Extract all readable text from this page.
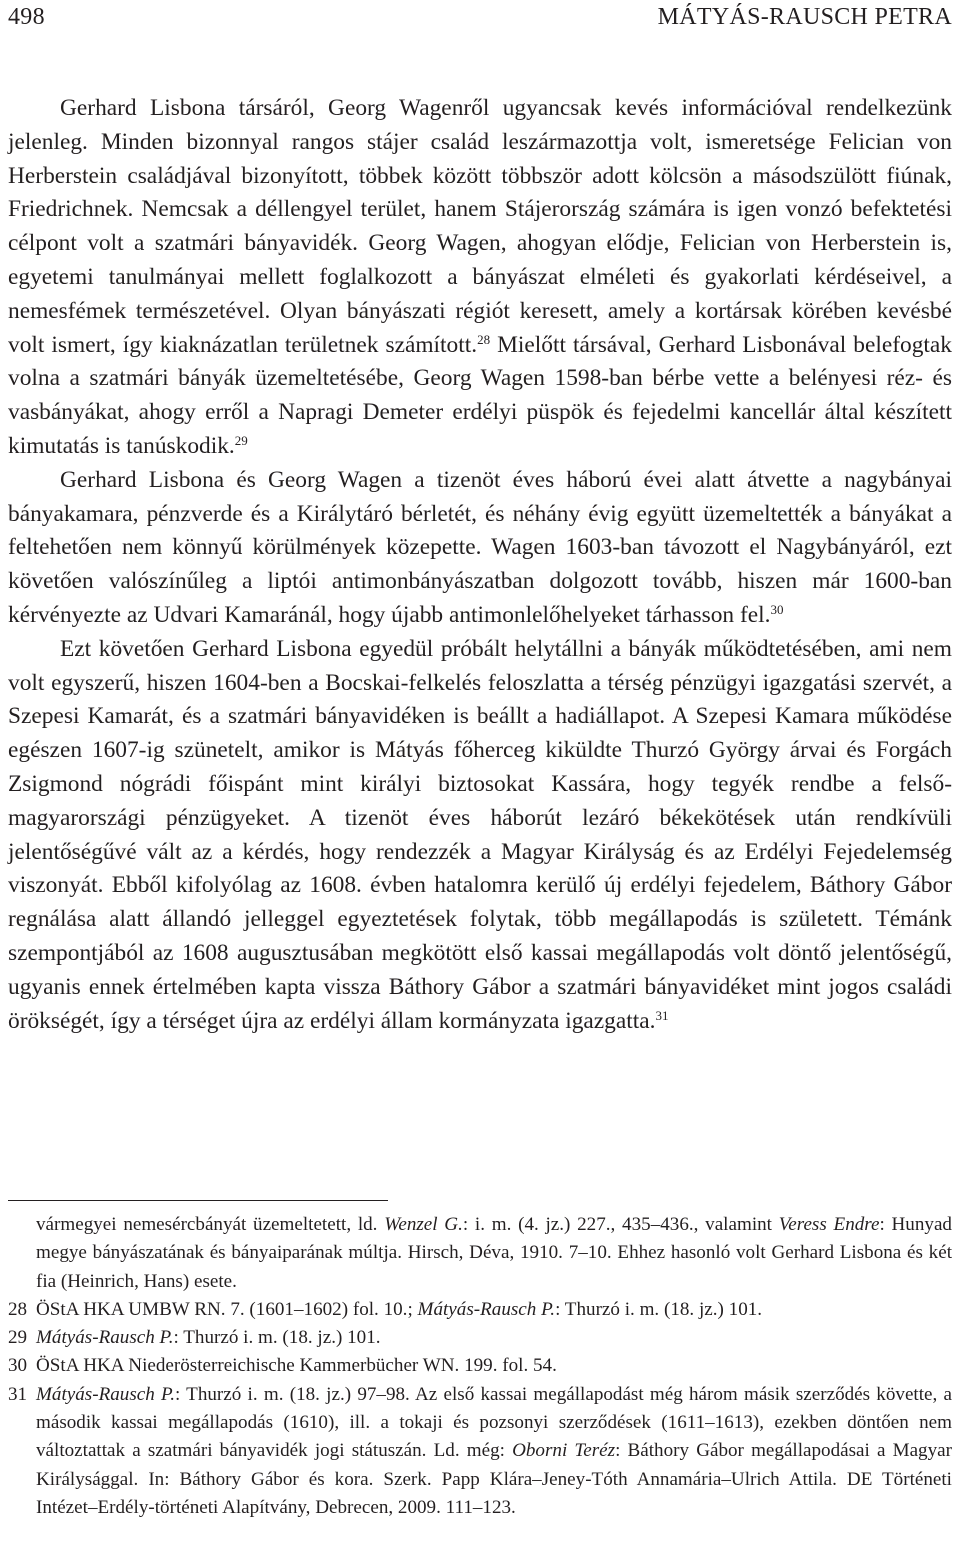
498	MÁTYÁS-RAUSCH PETRA

Gerhard Lisbona társáról, Georg Wagenről ugyancsak kevés információval rendelkezünk jelenleg. Minden bizonnyal rangos stájer család leszármazottja volt, ismeretsége Felician von Herberstein családjával bizonyított, többek között többször adott kölcsön a másodszülött fiúnak, Friedrichnek. Nemcsak a déllengyel terület, hanem Stájerország számára is igen vonzó befektetési célpont volt a szatmári bányavidék. Georg Wagen, ahogyan elődje, Felician von Herberstein is, egyetemi tanulmányai mellett foglalkozott a bányászat elméleti és gyakorlati kérdéseivel, a nemesfémek természetével. Olyan bányászati régiót keresett, amely a kortársak körében kevésbé volt ismert, így kiaknázatlan területnek számított.$^{28}$ Mielőtt társával, Gerhard Lisbonával belefogtak volna a szatmári bányák üzemeltetésébe, Georg Wagen 1598-ban bérbe vette a belényesi réz- és vasbányákat, ahogy erről a Napragi Demeter erdélyi püspök és fejedelmi kancellár által készített kimutatás is tanúskodik.$^{29}$

Gerhard Lisbona és Georg Wagen a tizenöt éves háború évei alatt átvette a nagybányai bányakamara, pénzverde és a Királytáró bérletét, és néhány évig együtt üzemeltették a bányákat a feltehetően nem könnyű körülmények közepette. Wagen 1603-ban távozott el Nagybányáról, ezt követően valószínűleg a liptói antimonbányászatban dolgozott tovább, hiszen már 1600-ban kérvényezte az Udvari Kamaránál, hogy újabb antimonlelőhelyeket tárhasson fel.$^{30}$

Ezt követően Gerhard Lisbona egyedül próbált helytállni a bányák működtetésében, ami nem volt egyszerű, hiszen 1604-ben a Bocskai-felkelés feloszlatta a térség pénzügyi igazgatási szervét, a Szepesi Kamarát, és a szatmári bányavidéken is beállt a hadiállapot. A Szepesi Kamara működése egészen 1607-ig szünetelt, amikor is Mátyás főherceg kiküldte Thurzó György árvai és Forgách Zsigmond nógrádi főispánt mint királyi biztosokat Kassára, hogy tegyék rendbe a felső-magyarországi pénzügyeket. A tizenöt éves háborút lezáró békekötések után rendkívüli jelentőségűvé vált az a kérdés, hogy rendezzék a Magyar Királyság és az Erdélyi Fejedelemség viszonyát. Ebből kifolyólag az 1608. évben hatalomra kerülő új erdélyi fejedelem, Báthory Gábor regnálása alatt állandó jelleggel egyeztetések folytak, több megállapodás is született. Témánk szempontjából az 1608 augusztusában megkötött első kassai megállapodás volt döntő jelentőségű, ugyanis ennek értelmében kapta vissza Báthory Gábor a szatmári bányavidéket mint jogos családi örökségét, így a térséget újra az erdélyi állam kormányzata igazgatta.$^{31}$

vármegyei nemesércbányát üzemeltetett, ld. Wenzel G.: i. m. (4. jz.) 227., 435–436., valamint Veress Endre: Hunyad megye bányászatának és bányaiparának múltja. Hirsch, Déva, 1910. 7–10. Ehhez hasonló volt Gerhard Lisbona és két fia (Heinrich, Hans) esete.
28 ÖStA HKA UMBW RN. 7. (1601–1602) fol. 10.; Mátyás-Rausch P.: Thurzó i. m. (18. jz.) 101.
29 Mátyás-Rausch P.: Thurzó i. m. (18. jz.) 101.
30 ÖStA HKA Niederösterreichische Kammerbücher WN. 199. fol. 54.
31 Mátyás-Rausch P.: Thurzó i. m. (18. jz.) 97–98. Az első kassai megállapodást még három másik szerződés követte, a második kassai megállapodás (1610), ill. a tokaji és pozsonyi szerződések (1611–1613), ezekben döntően nem változtattak a szatmári bányavidék jogi státuszán. Ld. még: Oborni Teréz: Báthory Gábor megállapodásai a Magyar Királysággal. In: Báthory Gábor és kora. Szerk. Papp Klára–Jeney-Tóth Annamária–Ulrich Attila. DE Történeti Intézet–Erdély-történeti Alapítvány, Debrecen, 2009. 111–123.
